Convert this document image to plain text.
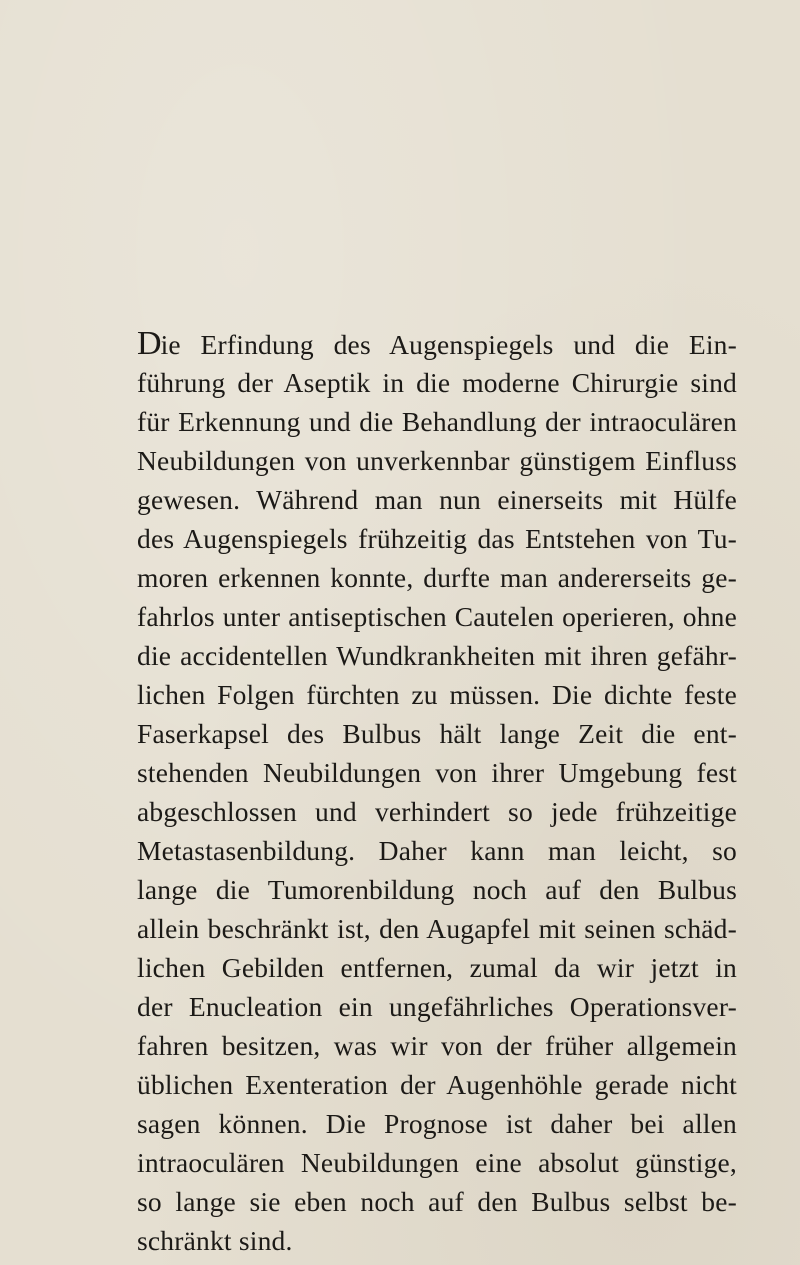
Die Erfindung des Augenspiegels und die Ein-
führung der Aseptik in die moderne Chirurgie sind
für Erkennung und die Behandlung der intraoculären
Neubildungen von unverkennbar günstigem Einfluss
gewesen. Während man nun einerseits mit Hülfe
des Augenspiegels frühzeitig das Entstehen von Tu-
moren erkennen konnte, durfte man andererseits ge-
fahrlos unter antiseptischen Cautelen operieren, ohne
die accidentellen Wundkrankheiten mit ihren gefähr-
lichen Folgen fürchten zu müssen. Die dichte feste
Faserkapsel des Bulbus hält lange Zeit die ent-
stehenden Neubildungen von ihrer Umgebung fest
abgeschlossen und verhindert so jede frühzeitige
Metastasenbildung. Daher kann man leicht, so
lange die Tumorenbildung noch auf den Bulbus
allein beschränkt ist, den Augapfel mit seinen schäd-
lichen Gebilden entfernen, zumal da wir jetzt in
der Enucleation ein ungefährliches Operationsver-
fahren besitzen, was wir von der früher allgemein
üblichen Exenteration der Augenhöhle gerade nicht
sagen können. Die Prognose ist daher bei allen
intraoculären Neubildungen eine absolut günstige,
so lange sie eben noch auf den Bulbus selbst be-
schränkt sind.
